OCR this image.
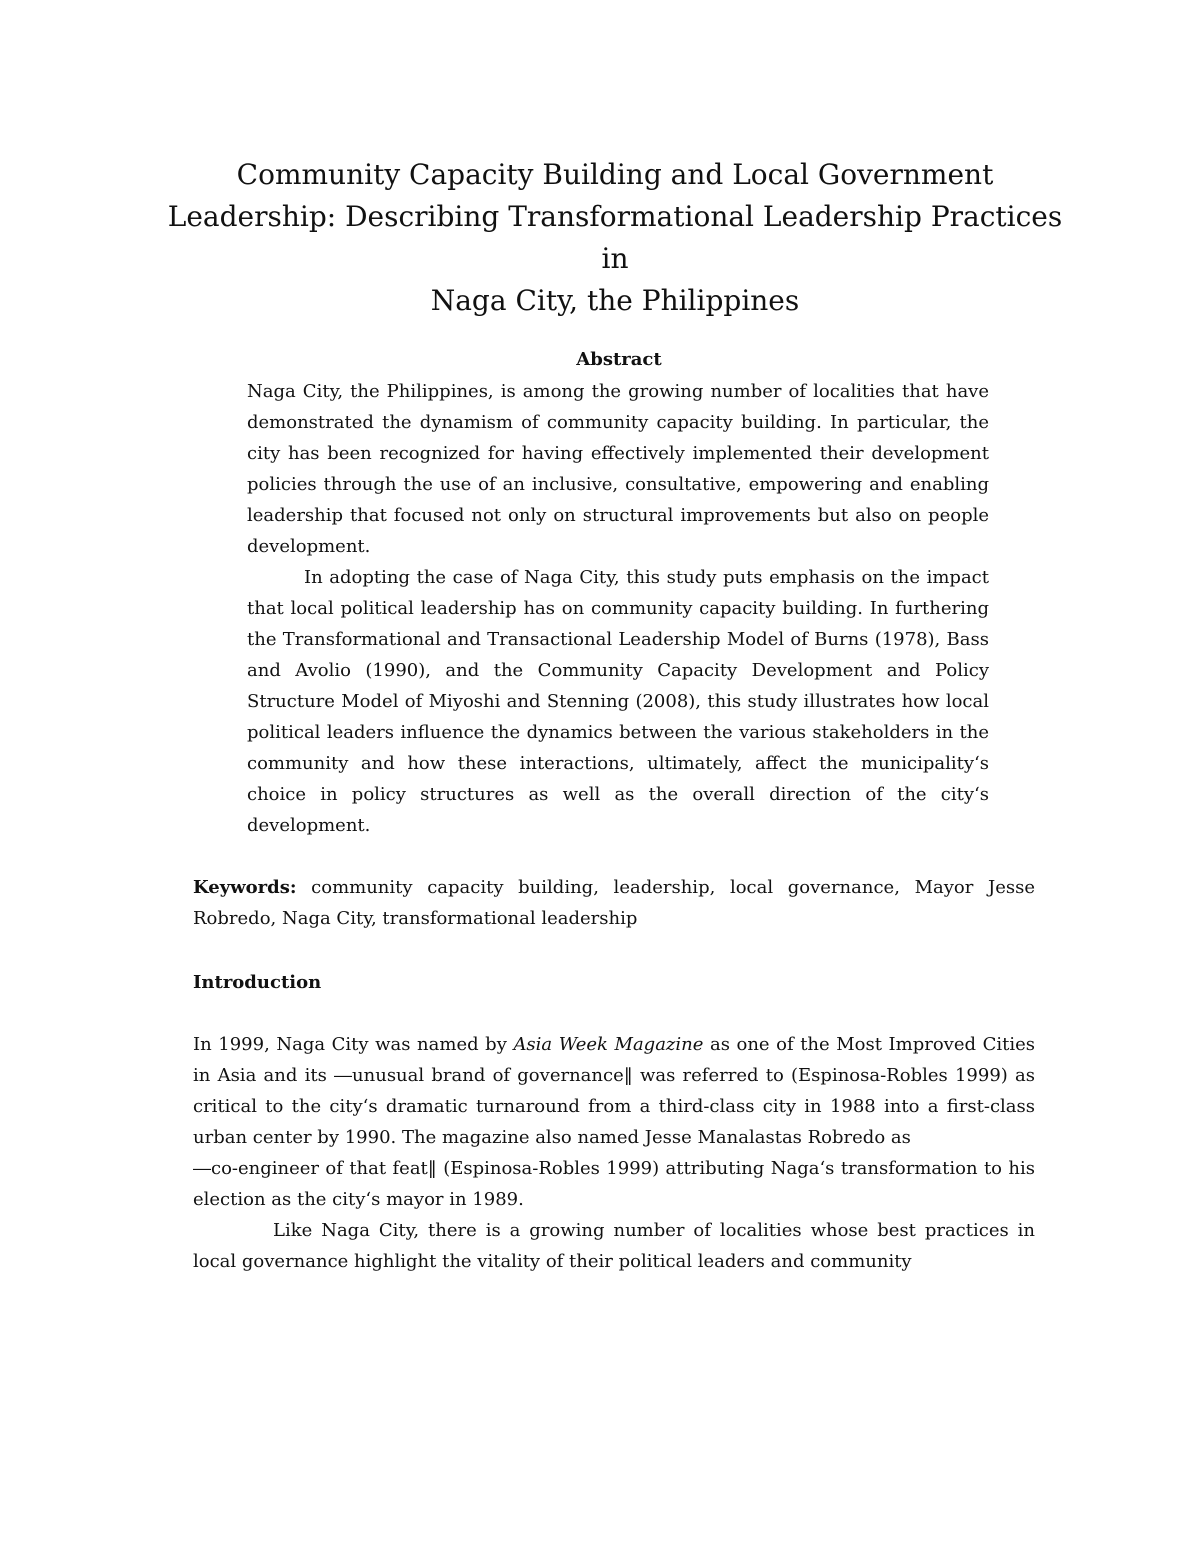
Community Capacity Building and Local Government
Leadership: Describing Transformational Leadership Practices in
Naga City, the Philippines
Abstract

Naga City, the Philippines, is among the growing number of localities that have demonstrated the dynamism of community capacity building. In particular, the city has been recognized for having effectively implemented their development policies through the use of an inclusive, consultative, empowering and enabling leadership that focused not only on structural improvements but also on people development.

In adopting the case of Naga City, this study puts emphasis on the impact that local political leadership has on community capacity building. In furthering the Transformational and Transactional Leadership Model of Burns (1978), Bass and Avolio (1990), and the Community Capacity Development and Policy Structure Model of Miyoshi and Stenning (2008), this study illustrates how local political leaders influence the dynamics between the various stakeholders in the community and how these interactions, ultimately, affect the municipality‘s choice in policy structures as well as the overall direction of the city‘s development.

Keywords: community capacity building, leadership, local governance, Mayor Jesse Robredo, Naga City, transformational leadership
Introduction

In 1999, Naga City was named by Asia Week Magazine as one of the Most Improved Cities in Asia and its ―unusual brand of governance‖ was referred to (Espinosa-Robles 1999) as critical to the city‘s dramatic turnaround from a third-class city in 1988 into a first-class urban center by 1990. The magazine also named Jesse Manalastas Robredo as
―co-engineer of that feat‖ (Espinosa-Robles 1999) attributing Naga‘s transformation to his election as the city‘s mayor in 1989.

Like Naga City, there is a growing number of localities whose best practices in local governance highlight the vitality of their political leaders and community
